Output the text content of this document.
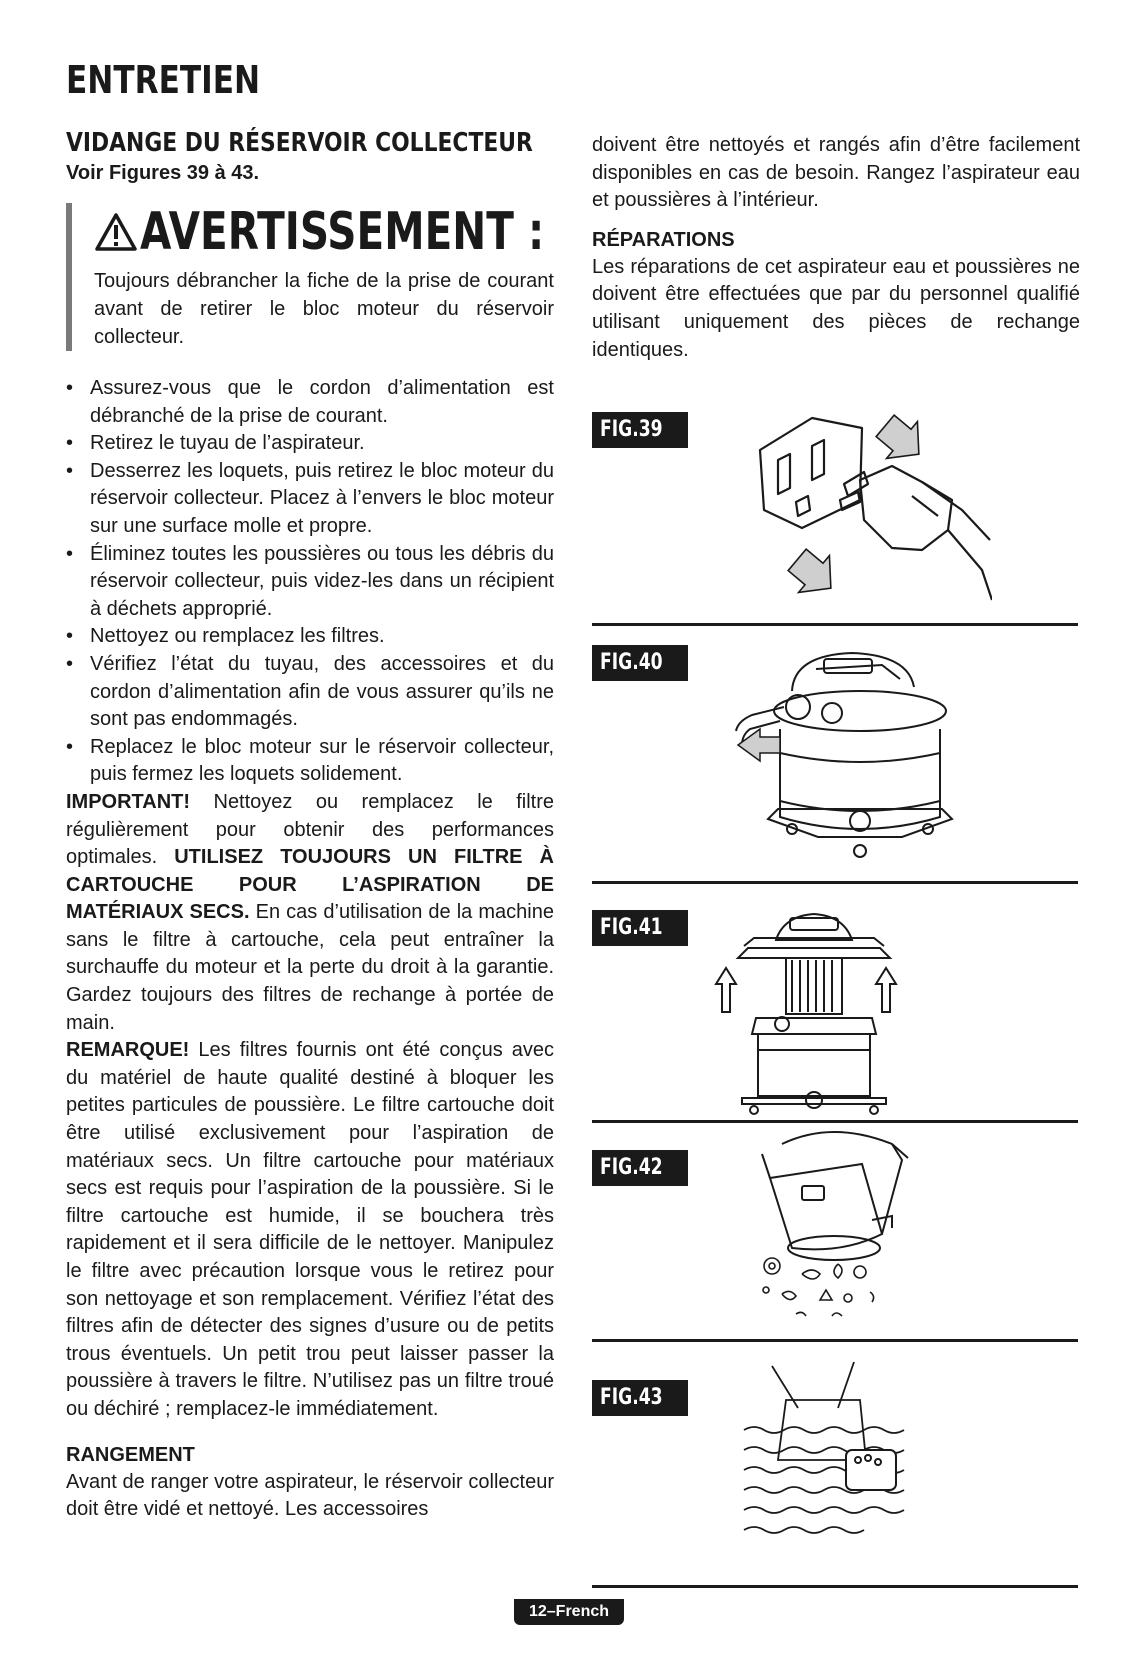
ENTRETIEN
VIDANGE DU RÉSERVOIR COLLECTEUR

Voir Figures 39 à 43.

AVERTISSEMENT :

Toujours débrancher la fiche de la prise de courant avant de retirer le bloc moteur du réservoir collecteur.

• Assurez-vous que le cordon d’alimentation est débranché de la prise de courant.
• Retirez le tuyau de l’aspirateur.
• Desserrez les loquets, puis retirez le bloc moteur du réservoir collecteur. Placez à l’envers le bloc moteur sur une surface molle et propre.
• Éliminez toutes les poussières ou tous les débris du réservoir collecteur, puis videz-les dans un récipient à déchets approprié.
• Nettoyez ou remplacez les filtres.
• Vérifiez l’état du tuyau, des accessoires et du cordon d’alimentation afin de vous assurer qu’ils ne sont pas endommagés.
• Replacez le bloc moteur sur le réservoir collecteur, puis fermez les loquets solidement.

IMPORTANT! Nettoyez ou remplacez le filtre régulièrement pour obtenir des performances optimales. UTILISEZ TOUJOURS UN FILTRE À CARTOUCHE POUR L’ASPIRATION DE MATÉRIAUX SECS. En cas d’utilisation de la machine sans le filtre à cartouche, cela peut entraîner la surchauffe du moteur et la perte du droit à la garantie. Gardez toujours des filtres de rechange à portée de main.

REMARQUE! Les filtres fournis ont été conçus avec du matériel de haute qualité destiné à bloquer les petites particules de poussière. Le filtre cartouche doit être utilisé exclusivement pour l’aspiration de matériaux secs. Un filtre cartouche pour matériaux secs est requis pour l’aspiration de la poussière. Si le filtre cartouche est humide, il se bouchera très rapidement et il sera difficile de le nettoyer. Manipulez le filtre avec précaution lorsque vous le retirez pour son nettoyage et son remplacement. Vérifiez l’état des filtres afin de détecter des signes d’usure ou de petits trous éventuels. Un petit trou peut laisser passer la poussière à travers le filtre. N’utilisez pas un filtre troué ou déchiré ; remplacez-le immédiatement.

RANGEMENT

Avant de ranger votre aspirateur, le réservoir collecteur doit être vidé et nettoyé. Les accessoires

doivent être nettoyés et rangés afin d’être facilement disponibles en cas de besoin. Rangez l’aspirateur eau et poussières à l’intérieur.

RÉPARATIONS

Les réparations de cet aspirateur eau et poussières ne doivent être effectuées que par du personnel qualifié utilisant uniquement des pièces de rechange identiques.

FIG.39
FIG.40
FIG.41
FIG.42
FIG.43
12–French
